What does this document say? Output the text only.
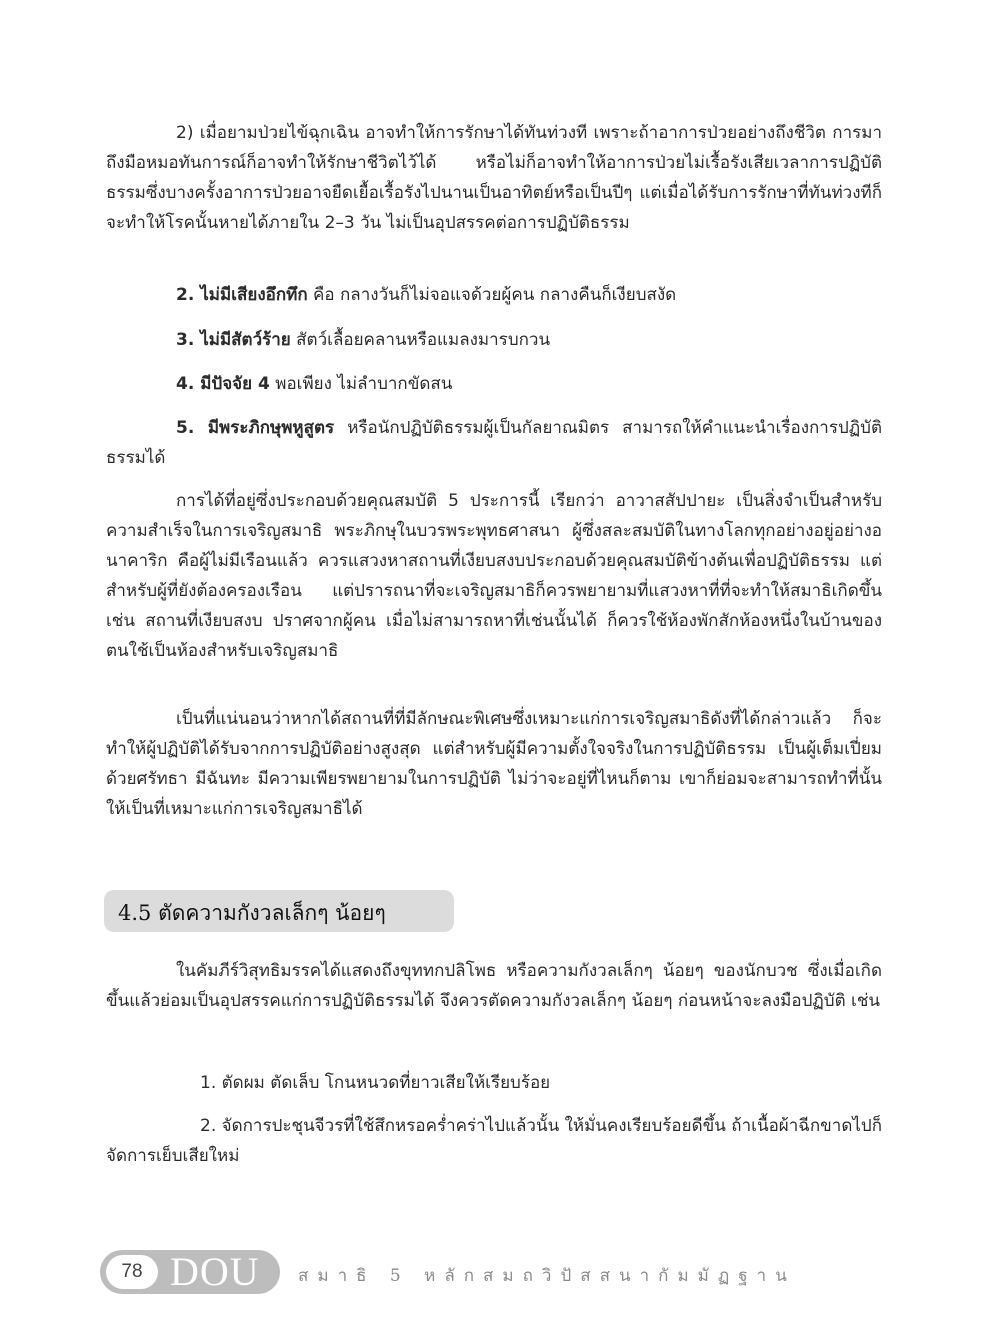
2) เมื่อยามป่วยไข้ฉุกเฉิน อาจทำให้การรักษาได้ทันท่วงที เพราะถ้าอาการป่วยอย่างถึงชีวิต การมาถึงมือหมอทันการณ์ก็อาจทำให้รักษาชีวิตไว้ได้ หรือไม่ก็อาจทำให้อาการป่วยไม่เรื้อรังเสียเวลาการปฏิบัติธรรมซึ่งบางครั้งอาการป่วยอาจยืดเยื้อเรื้อรังไปนานเป็นอาทิตย์หรือเป็นปีๆ แต่เมื่อได้รับการรักษาที่ทันท่วงทีก็จะทำให้โรคนั้นหายได้ภายใน 2–3 วัน ไม่เป็นอุปสรรคต่อการปฏิบัติธรรม
2. ไม่มีเสียงอึกทึก คือ กลางวันก็ไม่จอแจด้วยผู้คน กลางคืนก็เงียบสงัด
3. ไม่มีสัตว์ร้าย สัตว์เลื้อยคลานหรือแมลงมารบกวน
4. มีปัจจัย 4 พอเพียง ไม่ลำบากขัดสน
5. มีพระภิกษุพหูสูตร หรือนักปฏิบัติธรรมผู้เป็นกัลยาณมิตร สามารถให้คำแนะนำเรื่องการปฏิบัติธรรมได้
การได้ที่อยู่ซึ่งประกอบด้วยคุณสมบัติ 5 ประการนี้ เรียกว่า อาวาสสัปปายะ เป็นสิ่งจำเป็นสำหรับความสำเร็จในการเจริญสมาธิ พระภิกษุในบวรพระพุทธศาสนา ผู้ซึ่งสละสมบัติในทางโลกทุกอย่างอยู่อย่างอนาคาริก คือผู้ไม่มีเรือนแล้ว ควรแสวงหาสถานที่เงียบสงบประกอบด้วยคุณสมบัติข้างต้นเพื่อปฏิบัติธรรม แต่สำหรับผู้ที่ยังต้องครองเรือน แต่ปรารถนาที่จะเจริญสมาธิก็ควรพยายามที่แสวงหาที่ที่จะทำให้สมาธิเกิดขึ้น เช่น สถานที่เงียบสงบ ปราศจากผู้คน เมื่อไม่สามารถหาที่เช่นนั้นได้ ก็ควรใช้ห้องพักสักห้องหนึ่งในบ้านของตนใช้เป็นห้องสำหรับเจริญสมาธิ
เป็นที่แน่นอนว่าหากได้สถานที่ที่มีลักษณะพิเศษซึ่งเหมาะแก่การเจริญสมาธิดังที่ได้กล่าวแล้ว ก็จะทำให้ผู้ปฏิบัติได้รับจากการปฏิบัติอย่างสูงสุด แต่สำหรับผู้มีความตั้งใจจริงในการปฏิบัติธรรม เป็นผู้เต็มเปี่ยมด้วยศรัทธา มีฉันทะ มีความเพียรพยายามในการปฏิบัติ ไม่ว่าจะอยู่ที่ไหนก็ตาม เขาก็ย่อมจะสามารถทำที่นั้นให้เป็นที่เหมาะแก่การเจริญสมาธิได้
4.5 ตัดความกังวลเล็กๆ น้อยๆ
ในคัมภีร์วิสุทธิมรรคได้แสดงถึงขุททกปลิโพธ หรือความกังวลเล็กๆ น้อยๆ ของนักบวช ซึ่งเมื่อเกิดขึ้นแล้วย่อมเป็นอุปสรรคแก่การปฏิบัติธรรมได้ จึงควรตัดความกังวลเล็กๆ น้อยๆ ก่อนหน้าจะลงมือปฏิบัติ เช่น
1. ตัดผม ตัดเล็บ โกนหนวดที่ยาวเสียให้เรียบร้อย
2. จัดการปะชุนจีวรที่ใช้สึกหรอคร่ำคร่าไปแล้วนั้น ให้มั่นคงเรียบร้อยดีขึ้น ถ้าเนื้อผ้าฉีกขาดไปก็จัดการเย็บเสียใหม่
78 DOU สมาธิ 5 หลักสมถวิปัสสนากัมมัฏฐาน
